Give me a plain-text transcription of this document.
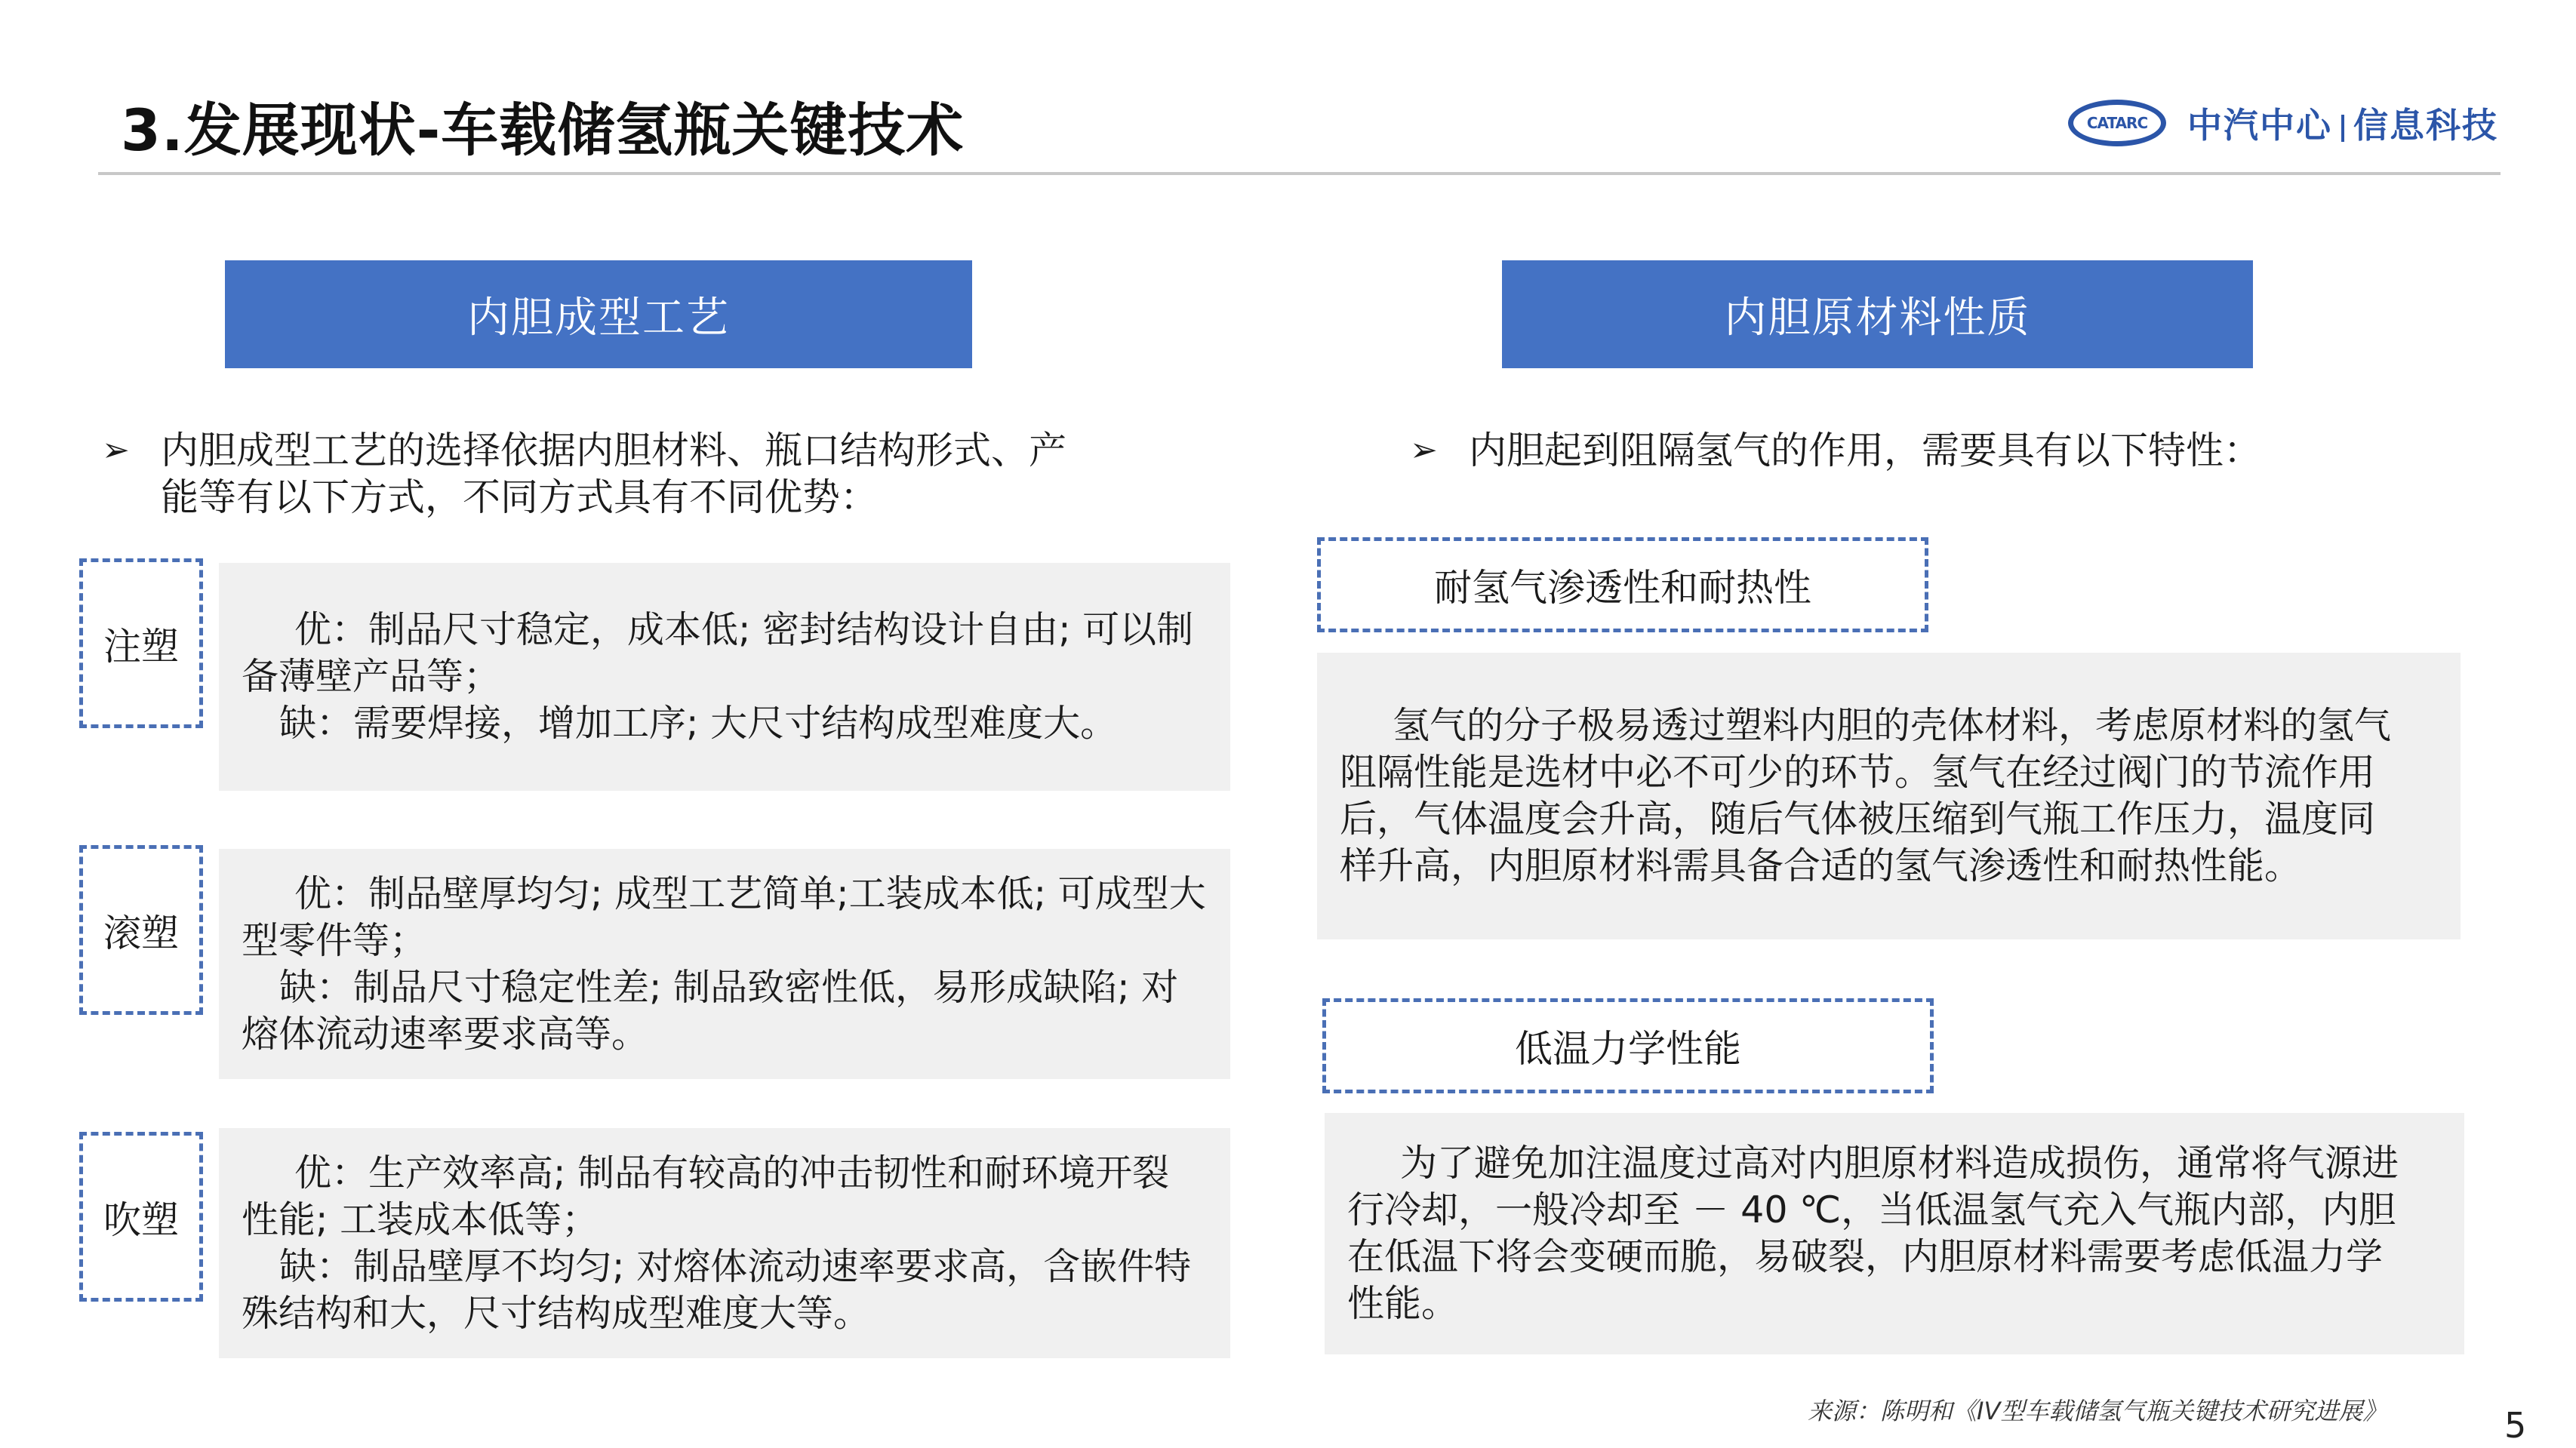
3.发展现状-车载储氢瓶关键技术	CATARC	中汽中心 信息科技
内胆成型工艺
➢ 内胆成型工艺的选择依据内胆材料、瓶口结构形式、产
能等有以下方式，不同方式具有不同优势：
注塑	优：制品尺寸稳定，成本低; 密封结构设计自由; 可以制
备薄壁产品等；
缺：需要焊接，增加工序; 大尺寸结构成型难度大。
滚塑
优：制品壁厚均匀; 成型工艺简单;工装成本低; 可成型大
型零件等；
缺：制品尺寸稳定性差; 制品致密性低，易形成缺陷; 对
熔体流动速率要求高等。
吹塑
优：生产效率高; 制品有较高的冲击韧性和耐环境开裂
性能; 工装成本低等；
缺：制品壁厚不均匀; 对熔体流动速率要求高，含嵌件特
殊结构和大，尺寸结构成型难度大等。
内胆原材料性质
➢ 内胆起到阻隔氢气的作用，需要具有以下特性：
耐氢气渗透性和耐热性
氢气的分子极易透过塑料内胆的壳体材料，考虑原材料的氢气
阻隔性能是选材中必不可少的环节。氢气在经过阀门的节流作用
后，气体温度会升高，随后气体被压缩到气瓶工作压力，温度同
样升高，内胆原材料需具备合适的氢气渗透性和耐热性能。
低温力学性能
为了避免加注温度过高对内胆原材料造成损伤，通常将气源进
行冷却，一般冷却至 － 40 ℃，当低温氢气充入气瓶内部，内胆
在低温下将会变硬而脆，易破裂，内胆原材料需要考虑低温力学
性能。
来源：陈明和《IV型车载储氢气瓶关键技术研究进展》	5
